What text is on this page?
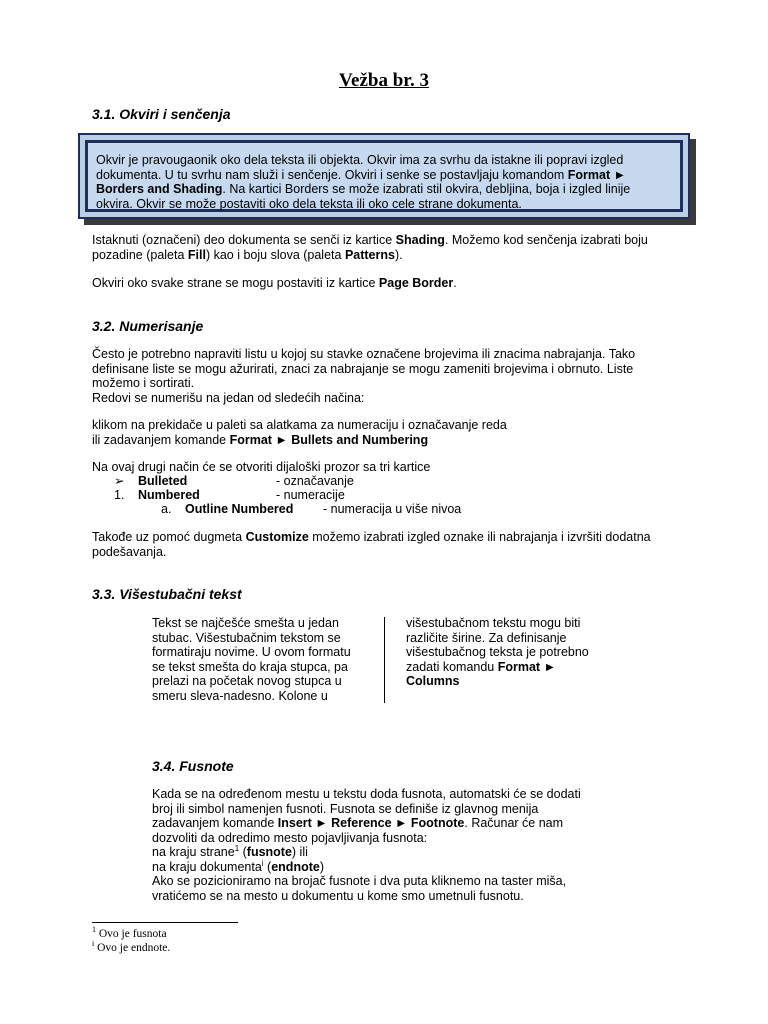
Vežba br. 3
3.1. Okviri i senčenja
Okvir je pravougaonik oko dela teksta ili objekta. Okvir ima za svrhu da istakne ili popravi izgled
dokumenta. U tu svrhu nam služi i senčenje. Okviri i senke se postavljaju komandom Format ►
Borders and Shading. Na kartici Borders se može izabrati stil okvira, debljina, boja i izgled linije
okvira. Okvir se može postaviti oko dela teksta ili oko cele strane dokumenta.
Istaknuti (označeni) deo dokumenta se senči iz kartice Shading. Možemo kod senčenja izabrati boju
pozadine (paleta Fill) kao i boju slova (paleta Patterns).
Okviri oko svake strane se mogu postaviti iz kartice Page Border.
3.2. Numerisanje
Često je potrebno napraviti listu u kojoj su stavke označene brojevima ili znacima nabrajanja. Tako
definisane liste se mogu ažurirati, znaci za nabrajanje se mogu zameniti brojevima i obrnuto. Liste
možemo i sortirati.
Redovi se numerišu na jedan od sledećih načina:
klikom na prekidače u paleti sa alatkama za numeraciju i označavanje reda
ili zadavanjem komande Format ► Bullets and Numbering
Na ovaj drugi način će se otvoriti dijaloški prozor sa tri kartice
➢ Bulleted	- označavanje
1. Numbered	- numeracije
a. Outline Numbered - numeracija u više nivoa
Takođe uz pomoć dugmeta Customize možemo izabrati izgled oznake ili nabrajanja i izvršiti dodatna
podešavanja.
3.3. Višestubačni tekst
Tekst se najčešće smešta u jedan
stubac. Višestubačnim tekstom se
formatiraju novime. U ovom formatu
se tekst smešta do kraja stupca, pa
prelazi na početak novog stupca u
smeru sleva-nadesno. Kolone u
višestubačnom tekstu mogu biti
različite širine. Za definisanje
višestubačnog teksta je potrebno
zadati komandu Format ►
Columns
3.4. Fusnote
Kada se na određenom mestu u tekstu doda fusnota, automatski će se dodati
broj ili simbol namenjen fusnoti. Fusnota se definiše iz glavnog menija
zadavanjem komande Insert ► Reference ► Footnote. Računar će nam
dozvoliti da odredimo mesto pojavljivanja fusnota:
na kraju strane$^1$ (fusnote) ili
na kraju dokumenta$^i$ (endnote)
Ako se pozicioniramo na brojač fusnote i dva puta kliknemo na taster miša,
vratićemo se na mesto u dokumentu u kome smo umetnuli fusnotu.
$^1$ Ovo je fusnota
$^i$ Ovo je endnote.
